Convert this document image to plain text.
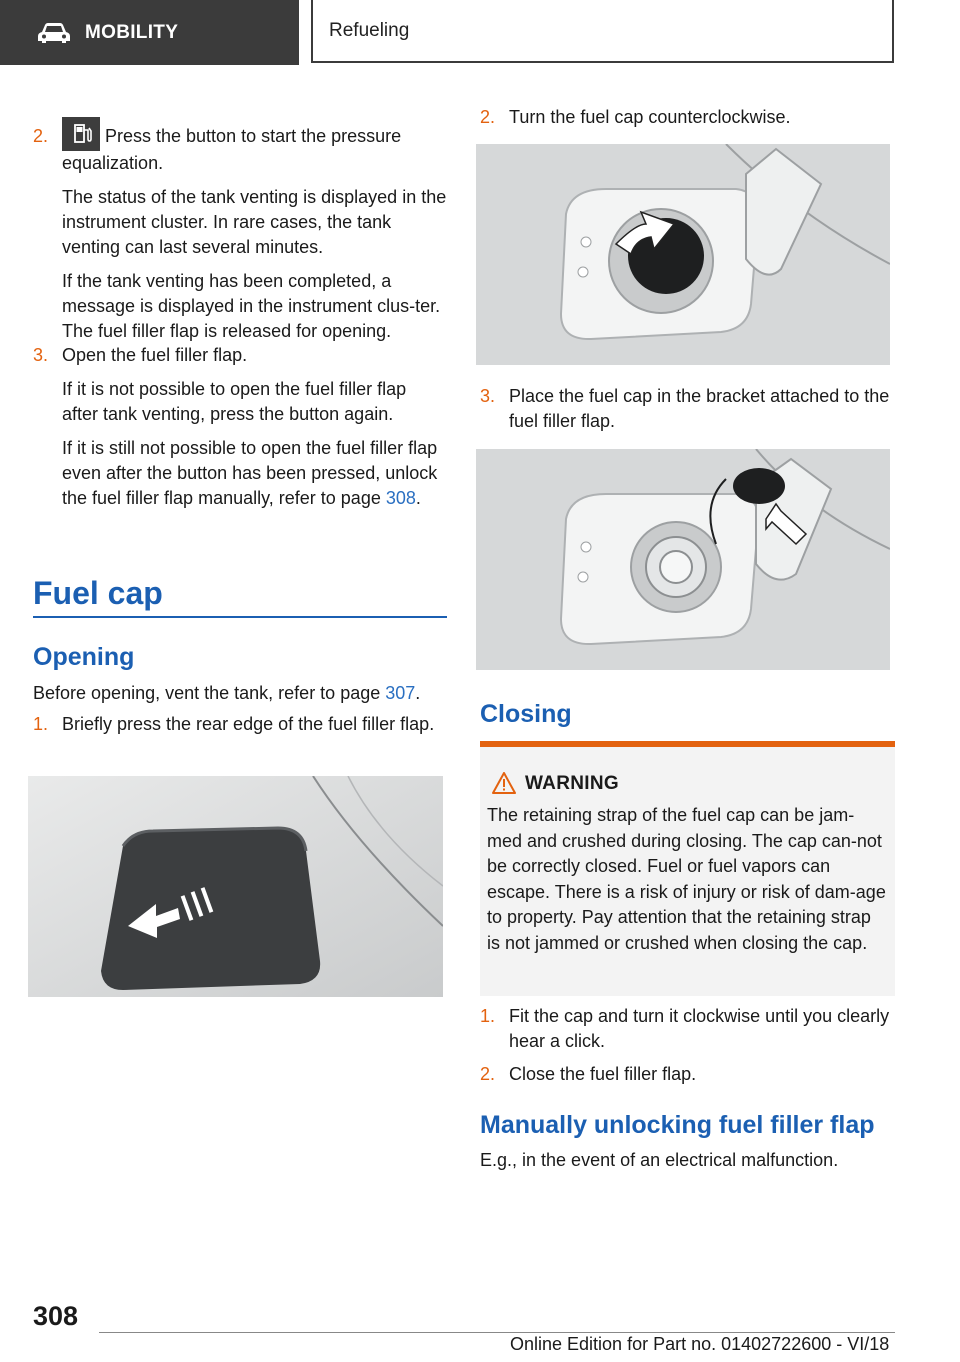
MOBILITY	Refueling
2.	Press the button to start the pressure equalization.

The status of the tank venting is displayed in the instrument cluster. In rare cases, the tank venting can last several minutes.

If the tank venting has been completed, a message is displayed in the instrument clus‐ter. The fuel filler flap is released for opening.

3. Open the fuel filler flap.

If it is not possible to open the fuel filler flap after tank venting, press the button again.

If it is still not possible to open the fuel filler flap even after the button has been pressed, unlock the fuel filler flap manually, refer to page 308.

Fuel cap
Opening
Before opening, vent the tank, refer to page 307.
1. Briefly press the rear edge of the fuel filler flap.
2. Turn the fuel cap counterclockwise.
3. Place the fuel cap in the bracket attached to the fuel filler flap.
Closing
WARNING
The retaining strap of the fuel cap can be jam‐med and crushed during closing. The cap can‐not be correctly closed. Fuel or fuel vapors can escape. There is a risk of injury or risk of dam‐age to property. Pay attention that the retaining strap is not jammed or crushed when closing the cap.
1. Fit the cap and turn it clockwise until you clearly hear a click.
2. Close the fuel filler flap.
Manually unlocking fuel filler flap
E.g., in the event of an electrical malfunction.
308
Online Edition for Part no. 01402722600 - VI/18
